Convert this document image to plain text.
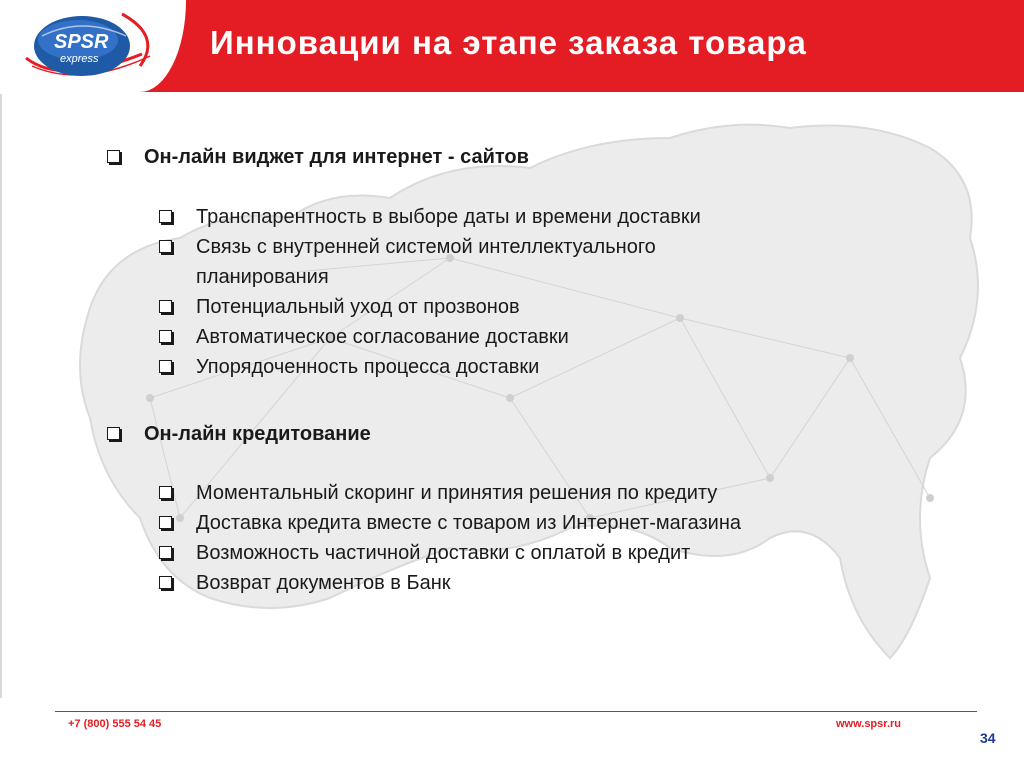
SPSR
express	Инновации на этапе заказа товара
Он-лайн виджет для интернет - сайтов
Транспарентность в выборе даты и времени доставки
Связь с внутренней системой интеллектуального
планирования
Потенциальный уход от прозвонов
Автоматическое согласование доставки
Упорядоченность процесса доставки
Он-лайн кредитование
Моментальный скоринг и принятия решения по кредиту
Доставка кредита вместе с товаром из Интернет-магазина
Возможность частичной доставки с оплатой в кредит
Возврат документов в Банк
+7 (800) 555 54 45	www.spsr.ru
34
